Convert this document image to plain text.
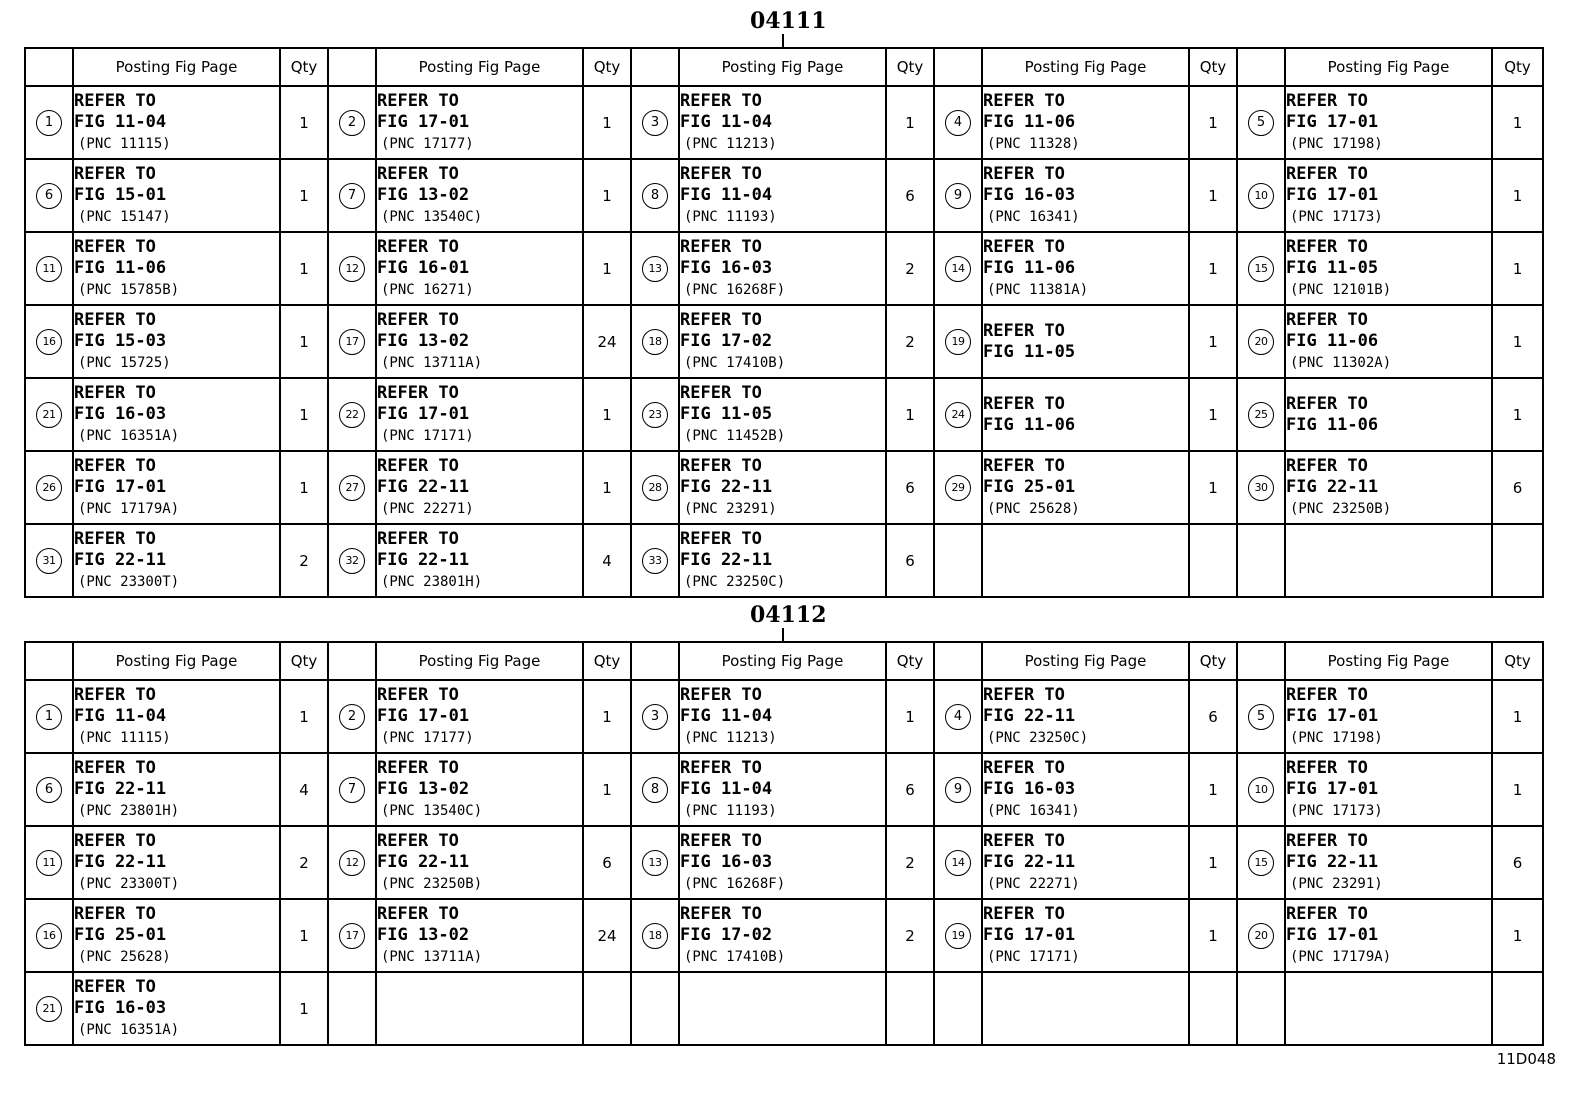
04111
	Posting Fig Page	Qty		Posting Fig Page	Qty		Posting Fig Page	Qty		Posting Fig Page	Qty		Posting Fig Page	Qty
1	REFER TO
FIG 11-04
(PNC 11115)	1	2	REFER TO
FIG 17-01
(PNC 17177)	1	3	REFER TO
FIG 11-04
(PNC 11213)	1	4	REFER TO
FIG 11-06
(PNC 11328)	1	5	REFER TO
FIG 17-01
(PNC 17198)	1
6	REFER TO
FIG 15-01
(PNC 15147)	1	7	REFER TO
FIG 13-02
(PNC 13540C)	1	8	REFER TO
FIG 11-04
(PNC 11193)	6	9	REFER TO
FIG 16-03
(PNC 16341)	1	10	REFER TO
FIG 17-01
(PNC 17173)	1
11	REFER TO
FIG 11-06
(PNC 15785B)	1	12	REFER TO
FIG 16-01
(PNC 16271)	1	13	REFER TO
FIG 16-03
(PNC 16268F)	2	14	REFER TO
FIG 11-06
(PNC 11381A)	1	15	REFER TO
FIG 11-05
(PNC 12101B)	1
16	REFER TO
FIG 15-03
(PNC 15725)	1	17	REFER TO
FIG 13-02
(PNC 13711A)	24	18	REFER TO
FIG 17-02
(PNC 17410B)	2	19	REFER TO
FIG 11-05	1	20	REFER TO
FIG 11-06
(PNC 11302A)	1
21	REFER TO
FIG 16-03
(PNC 16351A)	1	22	REFER TO
FIG 17-01
(PNC 17171)	1	23	REFER TO
FIG 11-05
(PNC 11452B)	1	24	REFER TO
FIG 11-06	1	25	REFER TO
FIG 11-06	1
26	REFER TO
FIG 17-01
(PNC 17179A)	1	27	REFER TO
FIG 22-11
(PNC 22271)	1	28	REFER TO
FIG 22-11
(PNC 23291)	6	29	REFER TO
FIG 25-01
(PNC 25628)	1	30	REFER TO
FIG 22-11
(PNC 23250B)	6
31	REFER TO
FIG 22-11
(PNC 23300T)	2	32	REFER TO
FIG 22-11
(PNC 23801H)	4	33	REFER TO
FIG 22-11
(PNC 23250C)	6						
04112
	Posting Fig Page	Qty		Posting Fig Page	Qty		Posting Fig Page	Qty		Posting Fig Page	Qty		Posting Fig Page	Qty
1	REFER TO
FIG 11-04
(PNC 11115)	1	2	REFER TO
FIG 17-01
(PNC 17177)	1	3	REFER TO
FIG 11-04
(PNC 11213)	1	4	REFER TO
FIG 22-11
(PNC 23250C)	6	5	REFER TO
FIG 17-01
(PNC 17198)	1
6	REFER TO
FIG 22-11
(PNC 23801H)	4	7	REFER TO
FIG 13-02
(PNC 13540C)	1	8	REFER TO
FIG 11-04
(PNC 11193)	6	9	REFER TO
FIG 16-03
(PNC 16341)	1	10	REFER TO
FIG 17-01
(PNC 17173)	1
11	REFER TO
FIG 22-11
(PNC 23300T)	2	12	REFER TO
FIG 22-11
(PNC 23250B)	6	13	REFER TO
FIG 16-03
(PNC 16268F)	2	14	REFER TO
FIG 22-11
(PNC 22271)	1	15	REFER TO
FIG 22-11
(PNC 23291)	6
16	REFER TO
FIG 25-01
(PNC 25628)	1	17	REFER TO
FIG 13-02
(PNC 13711A)	24	18	REFER TO
FIG 17-02
(PNC 17410B)	2	19	REFER TO
FIG 17-01
(PNC 17171)	1	20	REFER TO
FIG 17-01
(PNC 17179A)	1
21	REFER TO
FIG 16-03
(PNC 16351A)	1												
11D048
